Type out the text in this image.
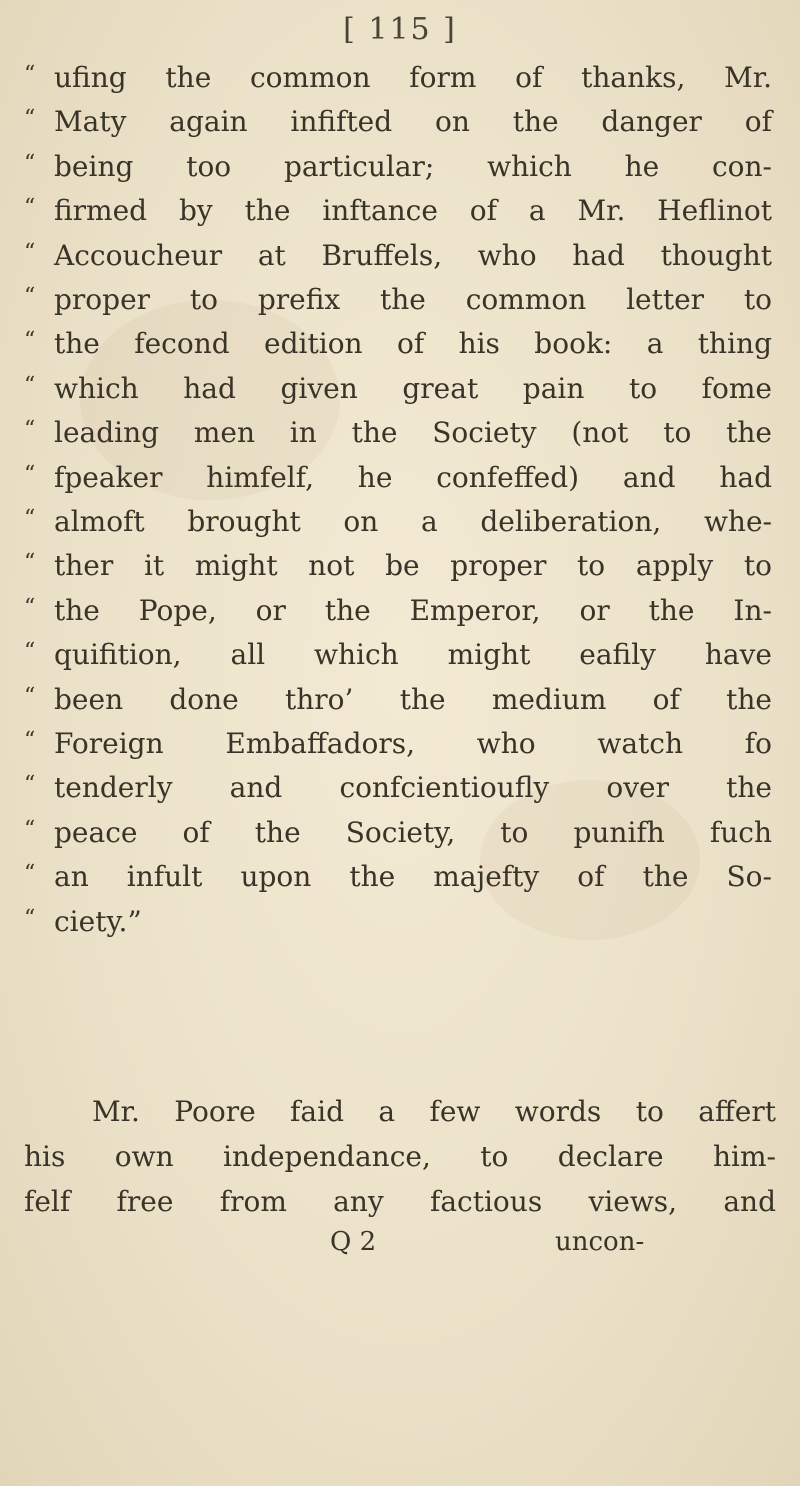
[ 115 ]
“ ufing the common form of thanks, Mr.
“ Maty again infifted on the danger of
“ being too particular; which he con-
“ firmed by the inftance of a Mr. Heflinot
“ Accoucheur at Bruffels, who had thought
“ proper to prefix the common letter to
“ the fecond edition of his book: a thing
“ which had given great pain to fome
“ leading men in the Society (not to the
“ fpeaker himfelf, he confeffed) and had
“ almoft brought on a deliberation, whe-
“ ther it might not be proper to apply to
“ the Pope, or the Emperor, or the In-
“ quifition, all which might eafily have
“ been done thro’ the medium of the
“ Foreign Embaffadors, who watch fo
“ tenderly and confcientioufly over the
“ peace of the Society, to punifh fuch
“ an infult upon the majefty of the So-
“ ciety.”
Mr. Poore faid a few words to affert
his own independance, to declare him-
felf free from any factious views, and
Q 2	uncon-
